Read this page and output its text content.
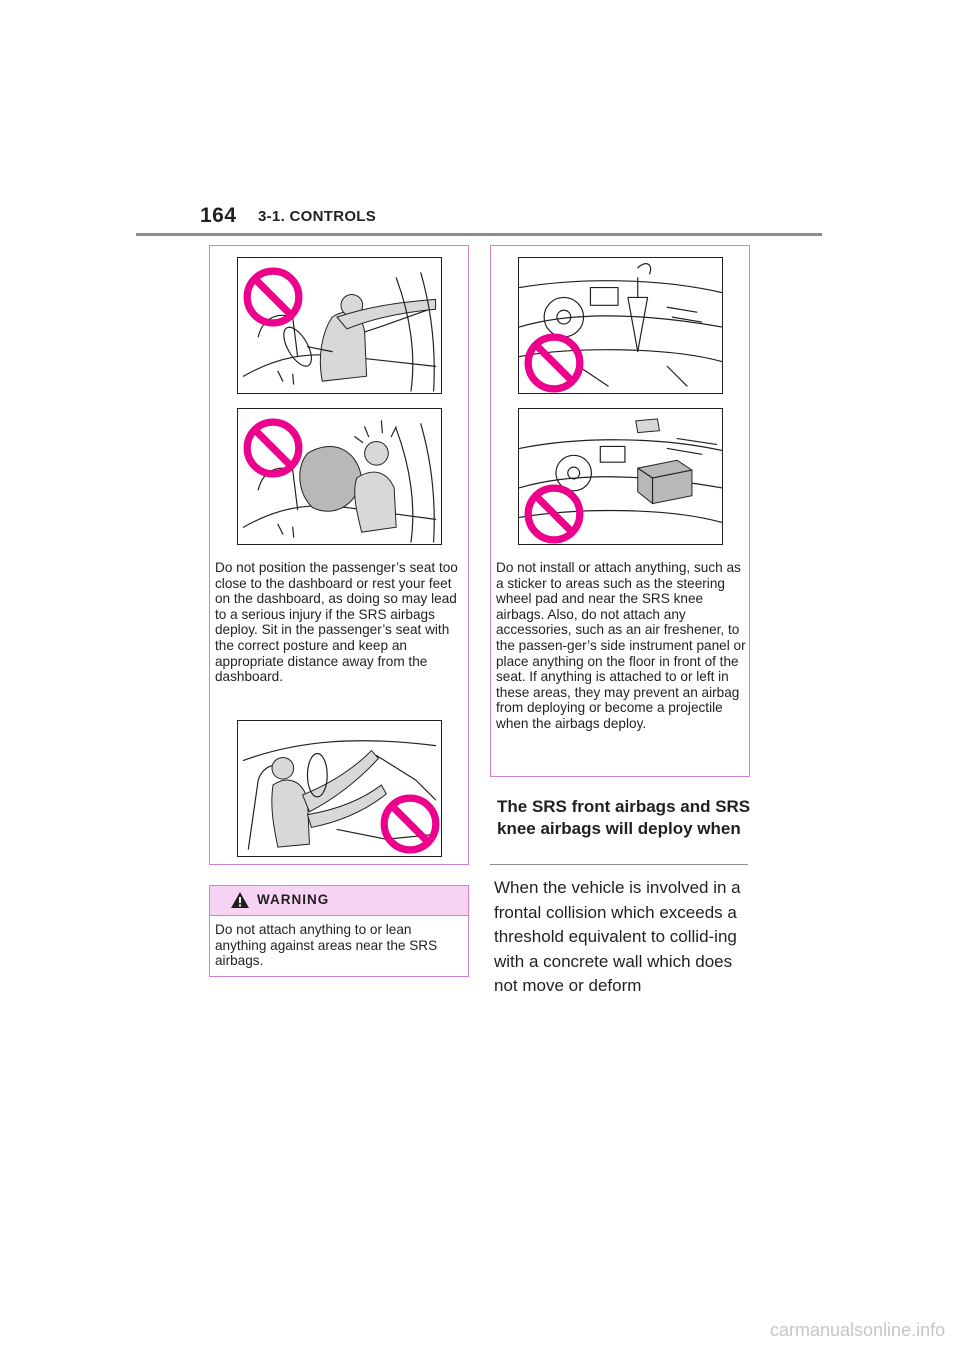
164 3-1. CONTROLS

Do not position the passenger’s seat too close to the dashboard or rest your feet on the dashboard, as doing so may lead to a serious injury if the SRS airbags deploy. Sit in the passenger’s seat with the correct posture and keep an appropriate distance away from the dashboard.

WARNING

Do not attach anything to or lean anything against areas near the SRS airbags.

Do not install or attach anything, such as a sticker to areas such as the steering wheel pad and near the SRS knee airbags. Also, do not attach any accessories, such as an air freshener, to the passen-ger’s side instrument panel or place anything on the floor in front of the seat. If anything is attached to or left in these areas, they may prevent an airbag from deploying or become a projectile when the airbags deploy.

The SRS front airbags and SRS knee airbags will deploy when

When the vehicle is involved in a frontal collision which exceeds a threshold equivalent to collid-ing with a concrete wall which does not move or deform

carmanualsonline.info
